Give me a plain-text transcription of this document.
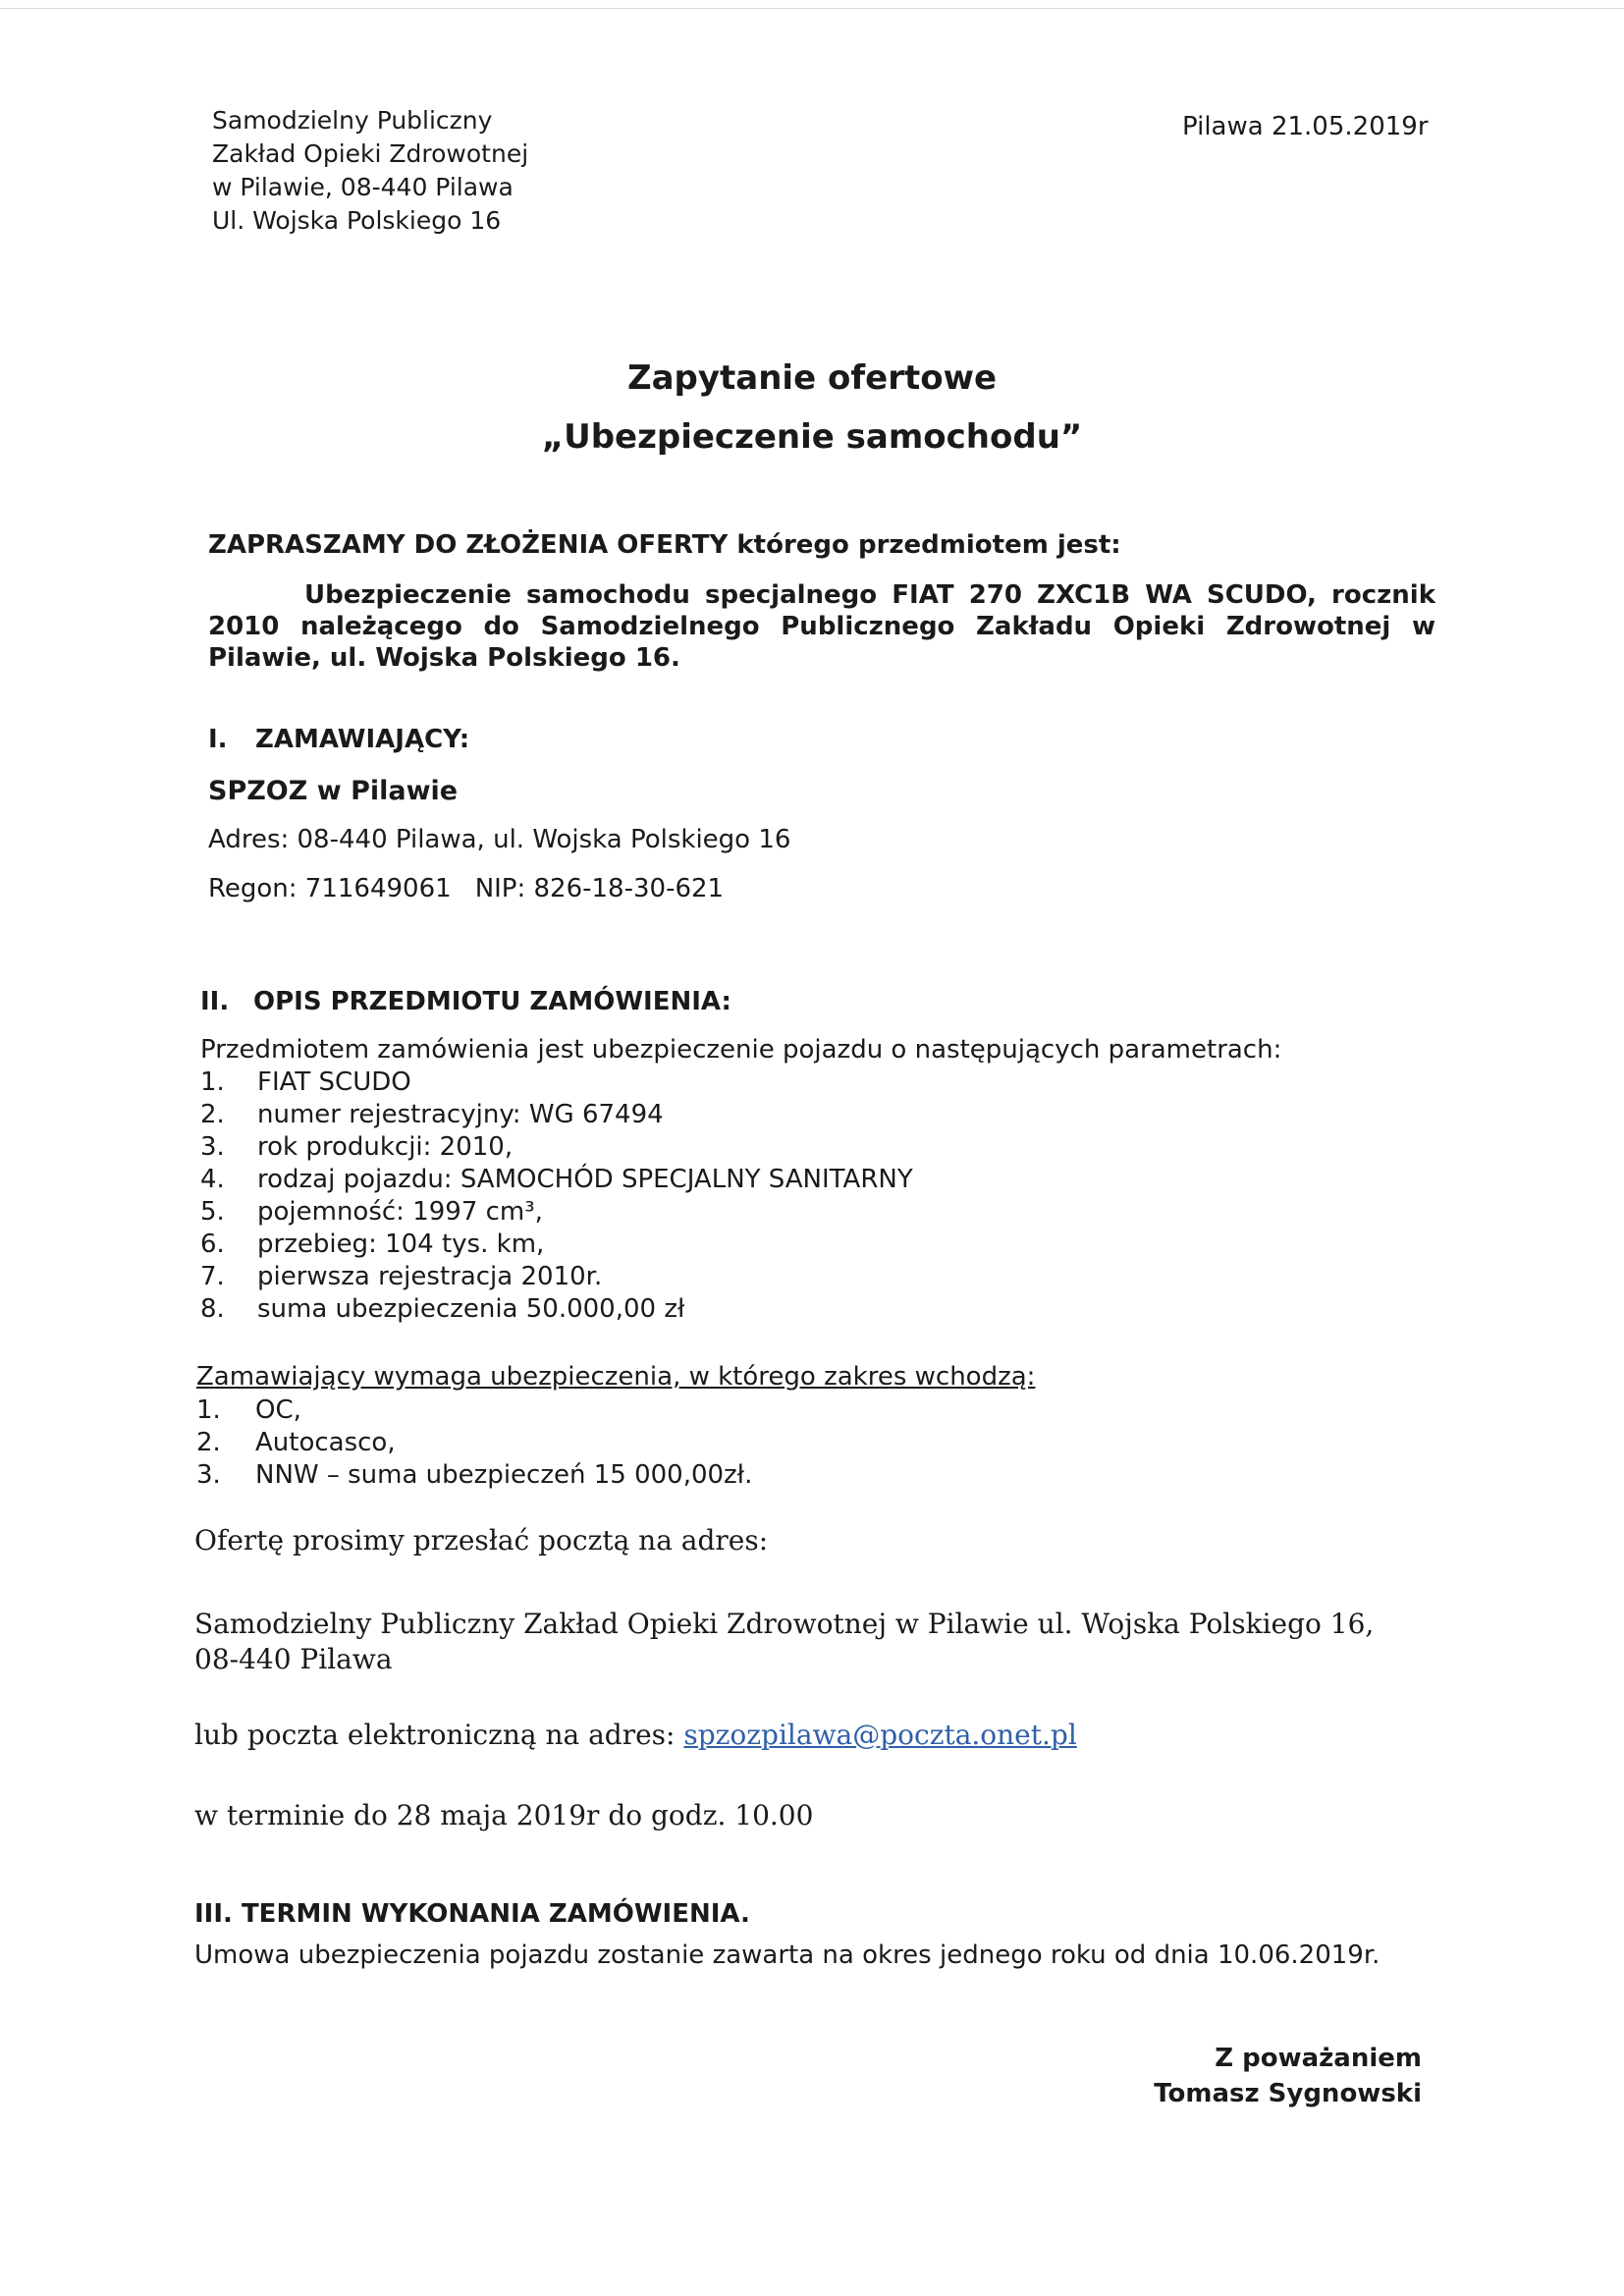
Samodzielny Publiczny
Zakład Opieki Zdrowotnej
w Pilawie, 08-440 Pilawa
Ul. Wojska Polskiego 16
Pilawa 21.05.2019r
Zapytanie ofertowe
„Ubezpieczenie samochodu”
ZAPRASZAMY DO ZŁOŻENIA OFERTY którego przedmiotem jest:
Ubezpieczenie samochodu specjalnego FIAT 270 ZXC1B WA SCUDO, rocznik 2010 należącego do Samodzielnego Publicznego Zakładu Opieki Zdrowotnej w Pilawie, ul. Wojska Polskiego 16.
I. ZAMAWIAJĄCY:
SPZOZ w Pilawie
Adres: 08-440 Pilawa, ul. Wojska Polskiego 16
Regon: 711649061 NIP: 826-18-30-621
II. OPIS PRZEDMIOTU ZAMÓWIENIA:
Przedmiotem zamówienia jest ubezpieczenie pojazdu o następujących parametrach:
1. FIAT SCUDO
2. numer rejestracyjny: WG 67494
3. rok produkcji: 2010,
4. rodzaj pojazdu: SAMOCHÓD SPECJALNY SANITARNY
5. pojemność: 1997 cm³,
6. przebieg: 104 tys. km,
7. pierwsza rejestracja 2010r.
8. suma ubezpieczenia 50.000,00 zł
Zamawiający wymaga ubezpieczenia, w którego zakres wchodzą:
1. OC,
2. Autocasco,
3. NNW – suma ubezpieczeń 15 000,00zł.
Ofertę prosimy przesłać pocztą na adres:
Samodzielny Publiczny Zakład Opieki Zdrowotnej w Pilawie ul. Wojska Polskiego 16,
08-440 Pilawa
lub poczta elektroniczną na adres: spzozpilawa@poczta.onet.pl
w terminie do 28 maja 2019r do godz. 10.00
III. TERMIN WYKONANIA ZAMÓWIENIA.
Umowa ubezpieczenia pojazdu zostanie zawarta na okres jednego roku od dnia 10.06.2019r.
Z poważaniem
Tomasz Sygnowski
